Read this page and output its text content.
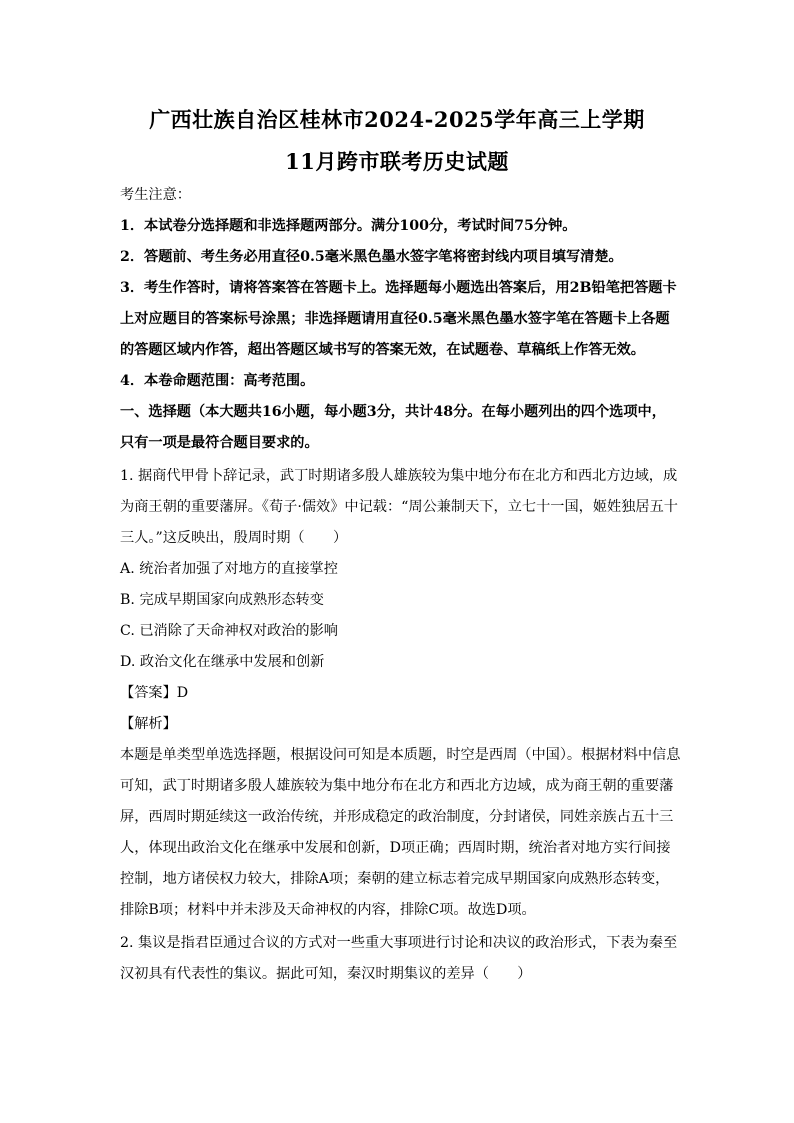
广西壮族自治区桂林市2024-2025学年高三上学期
11月跨市联考历史试题
考生注意：
1．本试卷分选择题和非选择题两部分。满分100分，考试时间75分钟。
2．答题前、考生务必用直径0.5毫米黑色墨水签字笔将密封线内项目填写清楚。
3．考生作答时，请将答案答在答题卡上。选择题每小题选出答案后，用2B铅笔把答题卡
上对应题目的答案标号涂黑；非选择题请用直径0.5毫米黑色墨水签字笔在答题卡上各题
的答题区域内作答，超出答题区域书写的答案无效，在试题卷、草稿纸上作答无效。
4．本卷命题范围：高考范围。
一、选择题（本大题共16小题，每小题3分，共计48分。在每小题列出的四个选项中，
只有一项是最符合题目要求的。
1. 据商代甲骨卜辞记录，武丁时期诸多殷人雄族较为集中地分布在北方和西北方边域，成
为商王朝的重要藩屏。《荀子·儒效》中记载：“周公兼制天下，立七十一国，姬姓独居五十
三人。”这反映出，殷周时期（　　）
A. 统治者加强了对地方的直接掌控
B. 完成早期国家向成熟形态转变
C. 已消除了天命神权对政治的影响
D. 政治文化在继承中发展和创新
【答案】D
【解析】
本题是单类型单选选择题，根据设问可知是本质题，时空是西周（中国）。根据材料中信息
可知，武丁时期诸多殷人雄族较为集中地分布在北方和西北方边域，成为商王朝的重要藩
屏，西周时期延续这一政治传统，并形成稳定的政治制度，分封诸侯，同姓亲族占五十三
人，体现出政治文化在继承中发展和创新，D项正确；西周时期，统治者对地方实行间接
控制，地方诸侯权力较大，排除A项；秦朝的建立标志着完成早期国家向成熟形态转变，
排除B项；材料中并未涉及天命神权的内容，排除C项。故选D项。
2. 集议是指君臣通过合议的方式对一些重大事项进行讨论和决议的政治形式，下表为秦至
汉初具有代表性的集议。据此可知，秦汉时期集议的差异（　　）
